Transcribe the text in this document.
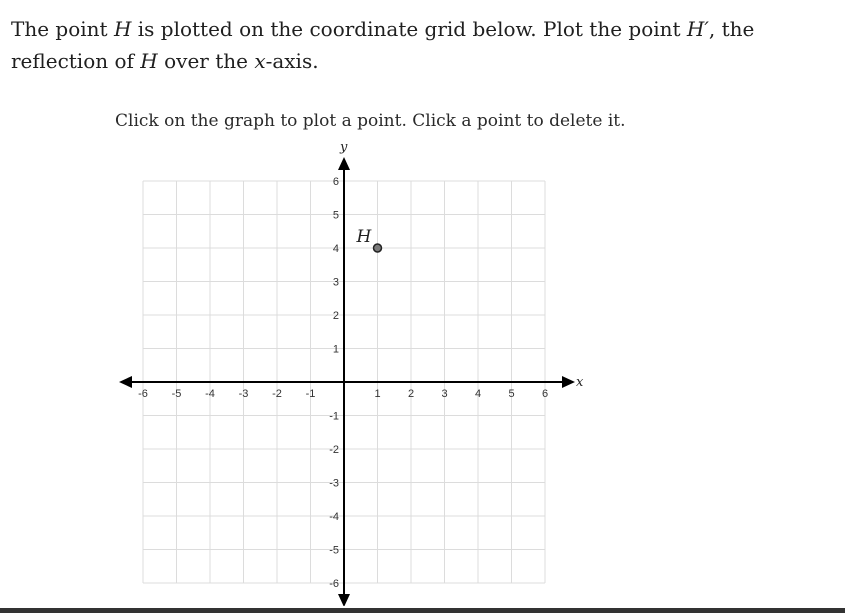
The point H is plotted on the coordinate grid below. Plot the point H′, the reflection of H over the x-axis.

Click on the graph to plot a point. Click a point to delete it.

x
y
-6 -5 -4 -3 -2 -1	1 2 3 4 5 6
-6
-5
-4
-3
-2
-1
1
2
3
4
5
6
H
